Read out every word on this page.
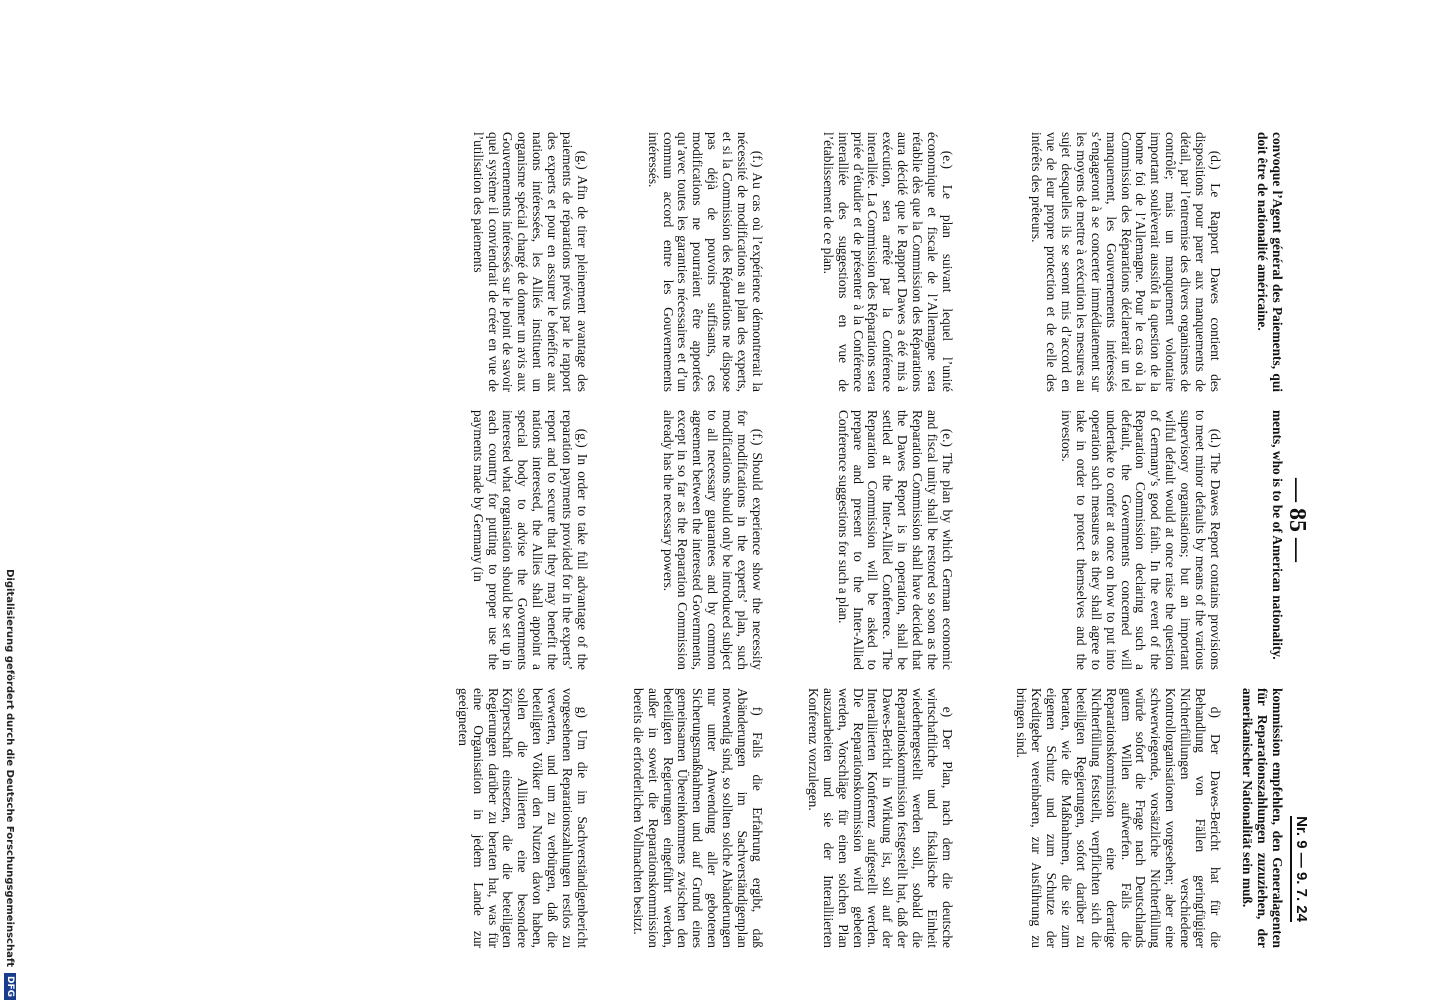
— 85 —
Nr. 9 — 9. 7. 24

convoque l’Agent général des Paiements, qui doit être de nationalité américaine.

(d.) Le Rapport Dawes contient des dispositions pour parer aux manquements de détail, par l’entremise des divers organismes de contrôle; mais un manquement volontaire important soulèverait aussitôt la question de la bonne foi de l’Allemagne. Pour le cas où la Commission des Réparations déclarerait un tel manquement, les Gouvernements intéressés s’engageront à se concerter immédiatement sur les moyens de mettre à exécution les mesures au sujet desquelles ils se seront mis d’accord en vue de leur propre protection et de celle des intérêts des prêteurs.

(e.) Le plan suivant lequel l’unité économique et fiscale de l’Allemagne sera rétablie dès que la Commission des Réparations aura décidé que le Rapport Dawes a été mis à exécution, sera arrêté par la Conférence interalliée. La Commission des Réparations sera priée d’étudier et de présenter à la Conférence interalliée des suggestions en vue de l’établissement de ce plan.

(f.) Au cas où l’expérience démontrerait la nécessité de modifications au plan des experts, et si la Commission des Réparations ne dispose pas déjà de pouvoirs suffisants, ces modifications ne pourraient être apportées qu’avec toutes les garanties nécessaires et d’un commun accord entre les Gouvernements intéressés.

(g.) Afin de tirer pleinement avantage des paiements de réparations prévus par le rapport des experts et pour en assurer le bénéfice aux nations intéressées, les Alliés instituent un organisme spécial chargé de donner un avis aux Gouvernements intéressés sur le point de savoir quel système il conviendrait de créer en vue de l’utilisation des paiements

ments, who is to be of American nationality.

(d.) The Dawes Report contains provisions to meet minor defaults by means of the various supervisory organisations; but an important wilful default would at once raise the question of Germany’s good faith. In the event of the Reparation Commission declaring such a default, the Governments concerned will undertake to confer at once on how to put into operation such measures as they shall agree to take in order to protect themselves and the investors.

(e.) The plan by which German economic and fiscal unity shall be restored so soon as the Reparation Commission shall have decided that the Dawes Report is in operation, shall be settled at the Inter-Allied Conference. The Reparation Commission will be asked to prepare and present to the Inter-Allied Conference suggestions for such a plan.

(f.) Should experience show the necessity for modifications in the experts’ plan, such modifications should only be introduced subject to all necessary guarantees and by common agreement between the interested Governments, except in so far as the Reparation Commission already has the necessary powers.

(g.) In order to take full advantage of the reparation payments provided for in the experts’ report and to secure that they may benefit the nations interested, the Allies shall appoint a special body to advise the Governments interested what organisation should be set up in each country for putting to proper use the payments made by Germany (in

kommission empfehlen, den Generalagenten für Reparationszahlungen zuzuziehen, der amerikanischer Nationalität sein muß.

d) Der Dawes-Bericht hat für die Behandlung von Fällen geringfügiger Nichterfüllungen verschiedene Kontrollorganisationen vorgesehen; aber eine schwerwiegende, vorsätzliche Nichterfüllung würde sofort die Frage nach Deutschlands gutem Willen aufwerfen. Falls die Reparationskommission eine derartige Nichterfüllung feststellt, verpflichten sich die beteiligten Regierungen, sofort darüber zu beraten, wie die Maßnahmen, die sie zum eigenen Schutz und zum Schutze der Kreditgeber vereinbaren, zur Ausführung zu bringen sind.

e) Der Plan, nach dem die deutsche wirtschaftliche und fiskalische Einheit wiederhergestellt werden soll, sobald die Reparationskommission festgestellt hat, daß der Dawes-Bericht in Wirkung ist, soll auf der Interalliierten Konferenz aufgestellt werden. Die Reparationskommission wird gebeten werden, Vorschläge für einen solchen Plan auszuarbeiten und sie der Interalliierten Konferenz vorzulegen.

f) Falls die Erfahrung ergibt, daß Abänderungen im Sachverständigenplan notwendig sind, so sollten solche Abänderungen nur unter Anwendung aller gebotenen Sicherungsmaßnahmen und auf Grund eines gemeinsamen Übereinkommens zwischen den beteiligten Regierungen eingeführt werden, außer in soweit die Reparationskommission bereits die erforderlichen Vollmachten besitzt.

g) Um die im Sachverständigenbericht vorgesehenen Reparationszahlungen restlos zu verwerten, und um zu verbürgen, daß die beteiligten Völker den Nutzen davon haben, sollen die Alliierten eine besondere Körperschaft einsetzen, die die beteiligten Regierungen darüber zu beraten hat, was für eine Organisation in jedem Lande zur geeigneten

Digitalisierung gefördert durch die Deutsche Forschungsgemeinschaft
DFG
